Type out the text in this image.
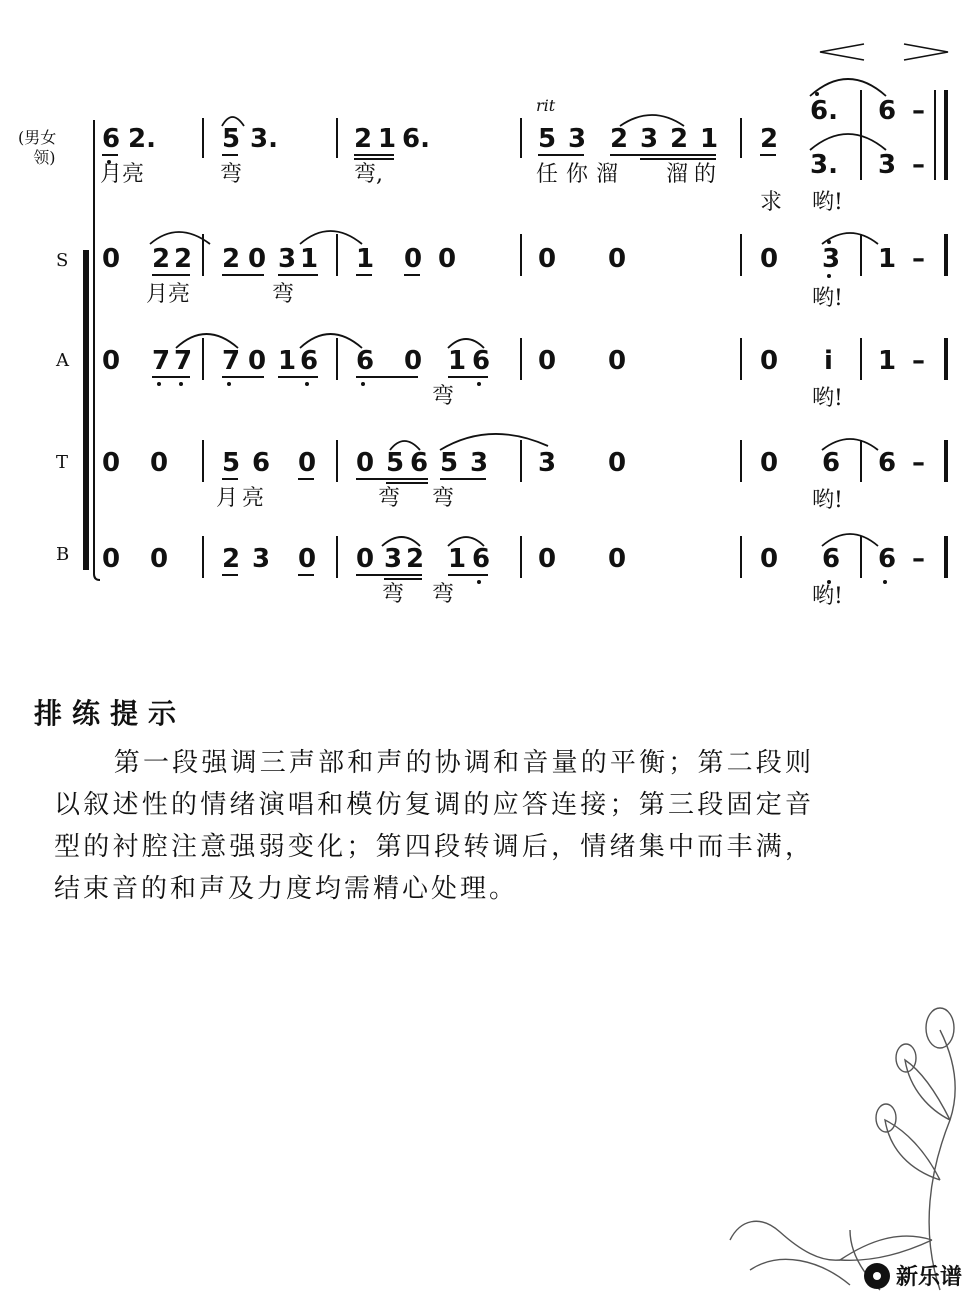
rit
(男女
领)
S
A
T
B
6 2.	5 3.	2 1 6.	5 3 2 3 2 1 2
6. 6 –
3. 3 –
月亮	弯	弯,	任你溜 溜的
求 哟!
0 2 2 2 0 3 1 1 0 0	0 0	0 3 1 –
月亮	弯	哟!
0 7 7 7 0 1 6 6 0 1 6 0 0	0 i 1 –
弯	哟!
0 0 5 6 0 0 5 6 5 3 3 0	0 6 6 –
月亮	弯 弯	哟!
0 0 2 3 0 0 3 2 1 6 0 0	0 6 6 –
弯 弯	哟!
排练提示
第一段强调三声部和声的协调和音量的平衡；第二段则以叙述性的情绪演唱和模仿复调的应答连接；第三段固定音型的衬腔注意强弱变化；第四段转调后，情绪集中而丰满，结束音的和声及力度均需精心处理。
新乐谱
